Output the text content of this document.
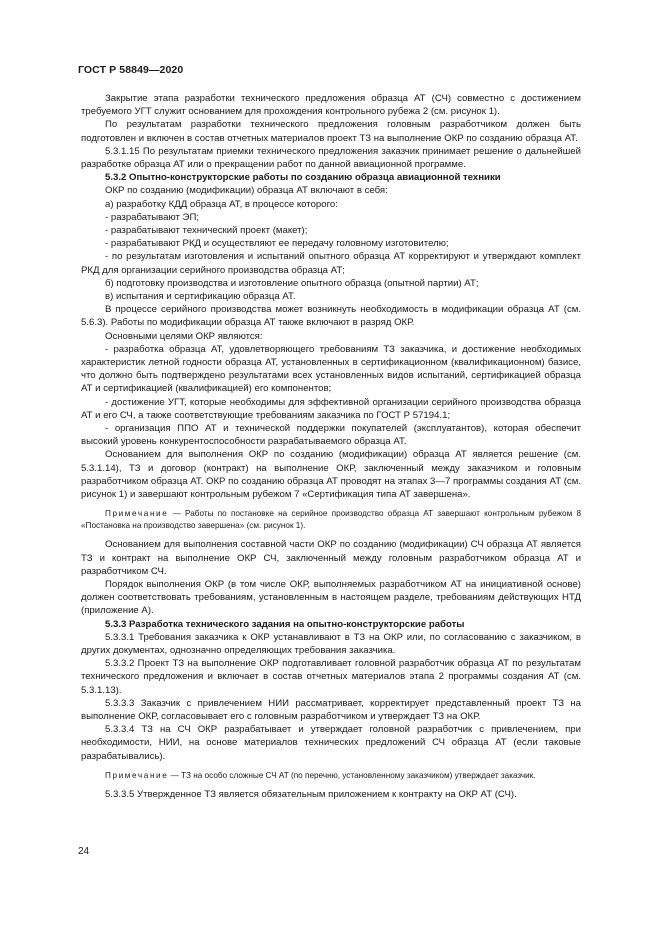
ГОСТ Р 58849—2020

Закрытие этапа разработки технического предложения образца АТ (СЧ) совместно с достижением требуемого УГТ служит основанием для прохождения контрольного рубежа 2 (см. рисунок 1).

По результатам разработки технического предложения головным разработчиком должен быть подготовлен и включен в состав отчетных материалов проект ТЗ на выполнение ОКР по созданию образца АТ.

5.3.1.15 По результатам приемки технического предложения заказчик принимает решение о дальнейшей разработке образца АТ или о прекращении работ по данной авиационной программе.

5.3.2 Опытно-конструкторские работы по созданию образца авиационной техники

ОКР по созданию (модификации) образца АТ включают в себя:

а) разработку КДД образца АТ, в процессе которого:

- разрабатывают ЭП;

- разрабатывают технический проект (макет);

- разрабатывают РКД и осуществляют ее передачу головному изготовителю;

- по результатам изготовления и испытаний опытного образца АТ корректируют и утверждают комплект РКД для организации серийного производства образца АТ;

б) подготовку производства и изготовление опытного образца (опытной партии) АТ;

в) испытания и сертификацию образца АТ.

В процессе серийного производства может возникнуть необходимость в модификации образца АТ (см. 5.6.3). Работы по модификации образца АТ также включают в разряд ОКР.

Основными целями ОКР являются:

- разработка образца АТ, удовлетворяющего требованиям ТЗ заказчика, и достижение необходимых характеристик летной годности образца АТ, установленных в сертификационном (квалификационном) базисе, что должно быть подтверждено результатами всех установленных видов испытаний, сертификацией образца АТ и сертификацией (квалификацией) его компонентов;

- достижение УГТ, которые необходимы для эффективной организации серийного производства образца АТ и его СЧ, а также соответствующие требованиям заказчика по ГОСТ Р 57194.1;

- организация ППО АТ и технической поддержки покупателей (эксплуатантов), которая обеспечит высокий уровень конкурентоспособности разрабатываемого образца АТ.

Основанием для выполнения ОКР по созданию (модификации) образца АТ является решение (см. 5.3.1.14), ТЗ и договор (контракт) на выполнение ОКР, заключенный между заказчиком и головным разработчиком образца АТ. ОКР по созданию образца АТ проводят на этапах 3—7 программы создания АТ (см. рисунок 1) и завершают контрольным рубежом 7 «Сертификация типа АТ завершена».

Примечание — Работы по постановке на серийное производство образца АТ завершают контрольным рубежом 8 «Постановка на производство завершена» (см. рисунок 1).

Основанием для выполнения составной части ОКР по созданию (модификации) СЧ образца АТ является ТЗ и контракт на выполнение ОКР СЧ, заключенный между головным разработчиком образца АТ и разработчиком СЧ.

Порядок выполнения ОКР (в том числе ОКР, выполняемых разработчиком АТ на инициативной основе) должен соответствовать требованиям, установленным в настоящем разделе, требованиям действующих НТД (приложение А).

5.3.3 Разработка технического задания на опытно-конструкторские работы

5.3.3.1 Требования заказчика к ОКР устанавливают в ТЗ на ОКР или, по согласованию с заказчиком, в других документах, однозначно определяющих требования заказчика.

5.3.3.2 Проект ТЗ на выполнение ОКР подготавливает головной разработчик образца АТ по результатам технического предложения и включает в состав отчетных материалов этапа 2 программы создания АТ (см. 5.3.1.13).

5.3.3.3 Заказчик с привлечением НИИ рассматривает, корректирует представленный проект ТЗ на выполнение ОКР, согласовывает его с головным разработчиком и утверждает ТЗ на ОКР.

5.3.3.4 ТЗ на СЧ ОКР разрабатывает и утверждает головной разработчик с привлечением, при необходимости, НИИ, на основе материалов технических предложений СЧ образца АТ (если таковые разрабатывались).

Примечание — ТЗ на особо сложные СЧ АТ (по перечню, установленному заказчиком) утверждает заказчик.

5.3.3.5 Утвержденное ТЗ является обязательным приложением к контракту на ОКР АТ (СЧ).

24
